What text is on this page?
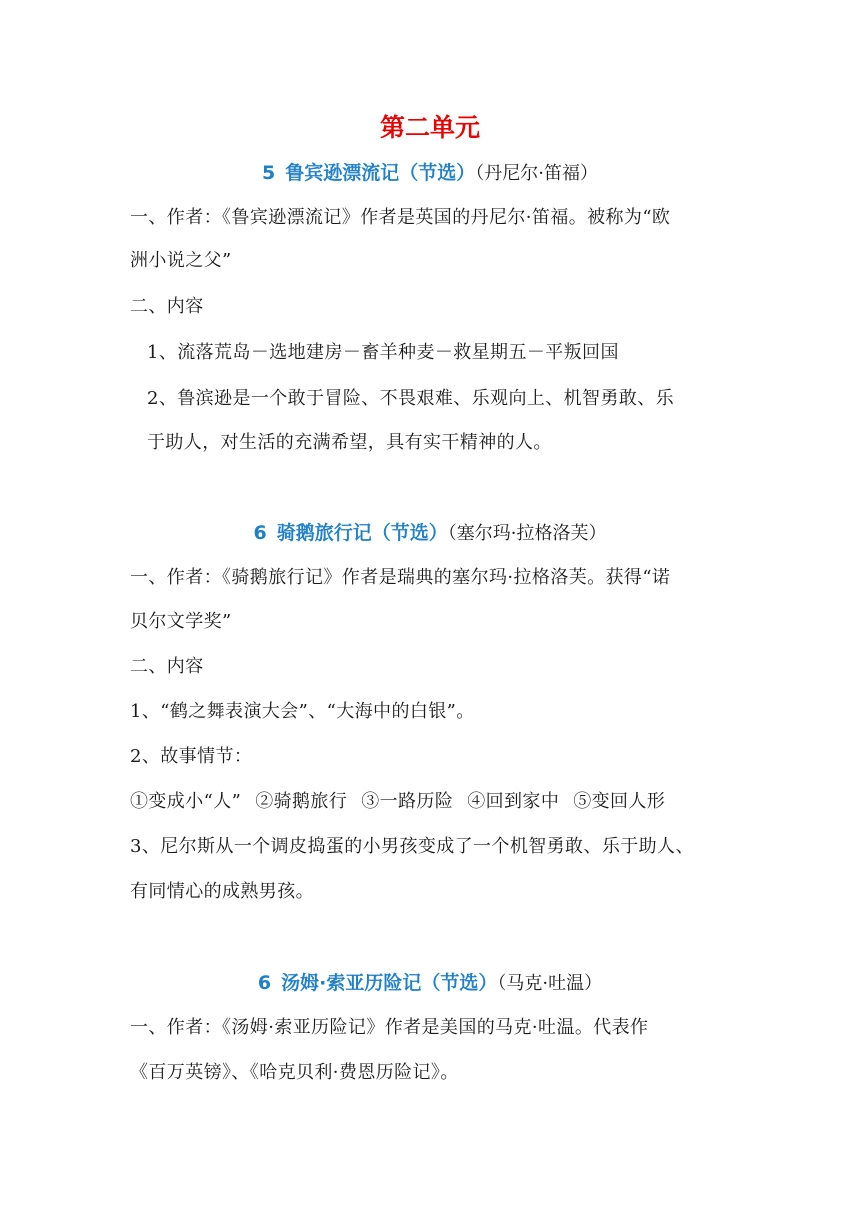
第二单元
5 鲁宾逊漂流记（节选）（丹尼尔·笛福）
一、作者：《鲁宾逊漂流记》作者是英国的丹尼尔·笛福。被称为“欧
洲小说之父”
二、内容
1、流落荒岛－选地建房－畜羊种麦－救星期五－平叛回国
2、鲁滨逊是一个敢于冒险、不畏艰难、乐观向上、机智勇敢、乐
于助人，对生活的充满希望，具有实干精神的人。
6 骑鹅旅行记（节选）（塞尔玛·拉格洛芙）
一、作者：《骑鹅旅行记》作者是瑞典的塞尔玛·拉格洛芙。获得“诺
贝尔文学奖”
二、内容
1、“鹤之舞表演大会”、“大海中的白银”。
2、故事情节：
①变成小“人” ②骑鹅旅行 ③一路历险 ④回到家中 ⑤变回人形
3、尼尔斯从一个调皮捣蛋的小男孩变成了一个机智勇敢、乐于助人、
有同情心的成熟男孩。
6 汤姆·索亚历险记（节选）（马克·吐温）
一、作者：《汤姆·索亚历险记》作者是美国的马克·吐温。代表作
《百万英镑》、《哈克贝利·费恩历险记》。
